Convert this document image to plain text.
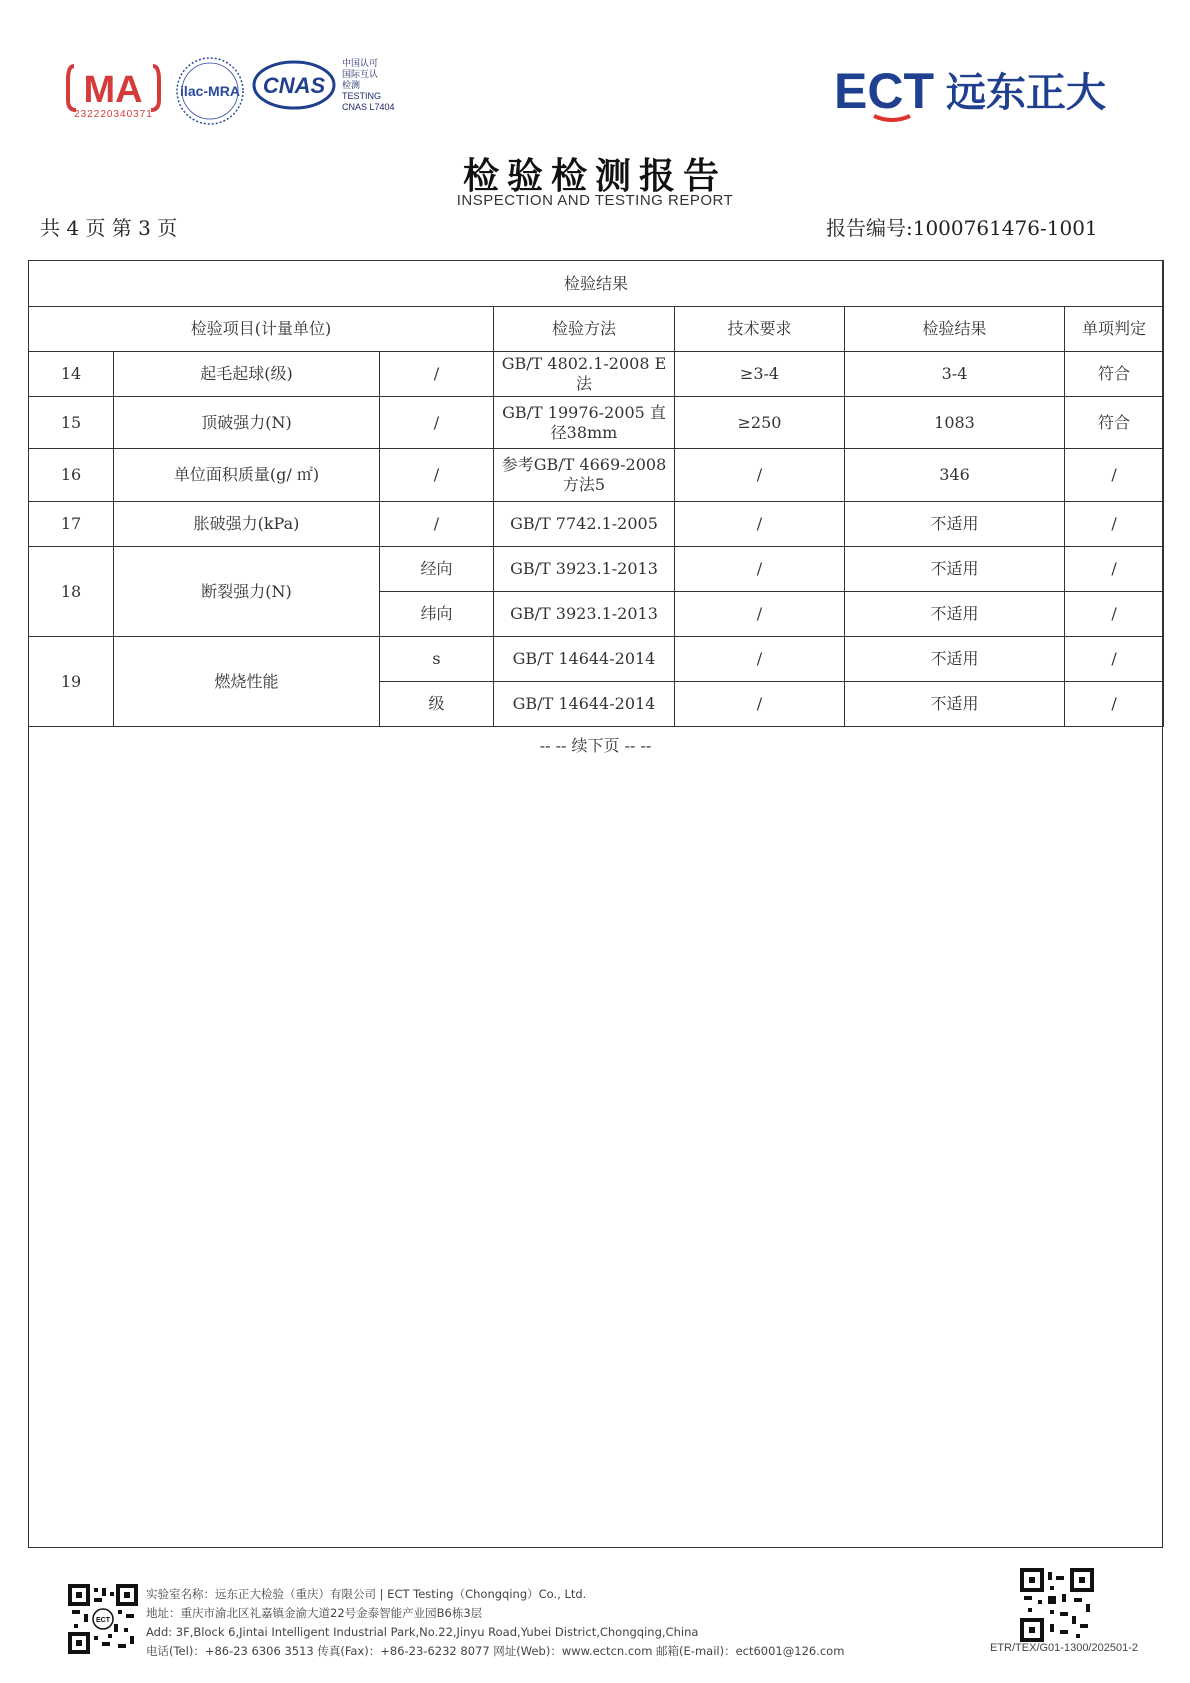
MA
232220340371
ilac-MRA CNAS
中国认可
国际互认
检测
TESTING
CNAS L7404	ECT 远东正大
检验检测报告
INSPECTION AND TESTING REPORT
共 4 页 第 3 页	报告编号:1000761476-1001
检验结果						
检验项目(计量单位)			检验方法	技术要求	检验结果	单项判定
14	起毛起球(级)	/	GB/T 4802.1-2008 E法	≥3-4	3-4	符合
15	顶破强力(N)	/	GB/T 19976-2005 直径38mm	≥250	1083	符合
16	单位面积质量(g/ ㎡)	/	参考GB/T 4669-2008 方法5	/	346	/
17	胀破强力(kPa)	/	GB/T 7742.1-2005	/	不适用	/
18	断裂强力(N)	经向	GB/T 3923.1-2013	/	不适用	/
		纬向	GB/T 3923.1-2013	/	不适用	/
19	燃烧性能	s	GB/T 14644-2014	/	不适用	/
		级	GB/T 14644-2014	/	不适用	/
-- -- 续下页 -- --
ECT
实验室名称：远东正大检验（重庆）有限公司 | ECT Testing（Chongqing）Co., Ltd.
地址：重庆市渝北区礼嘉镇金渝大道22号金泰智能产业园B6栋3层
Add: 3F,Block 6,Jintai Intelligent Industrial Park,No.22,Jinyu Road,Yubei District,Chongqing,China
电话(Tel)：+86-23 6306 3513 传真(Fax)：+86-23-6232 8077 网址(Web)：www.ectcn.com 邮箱(E-mail)：ect6001@126.com	ETR/TEX/G01-1300/202501-2
